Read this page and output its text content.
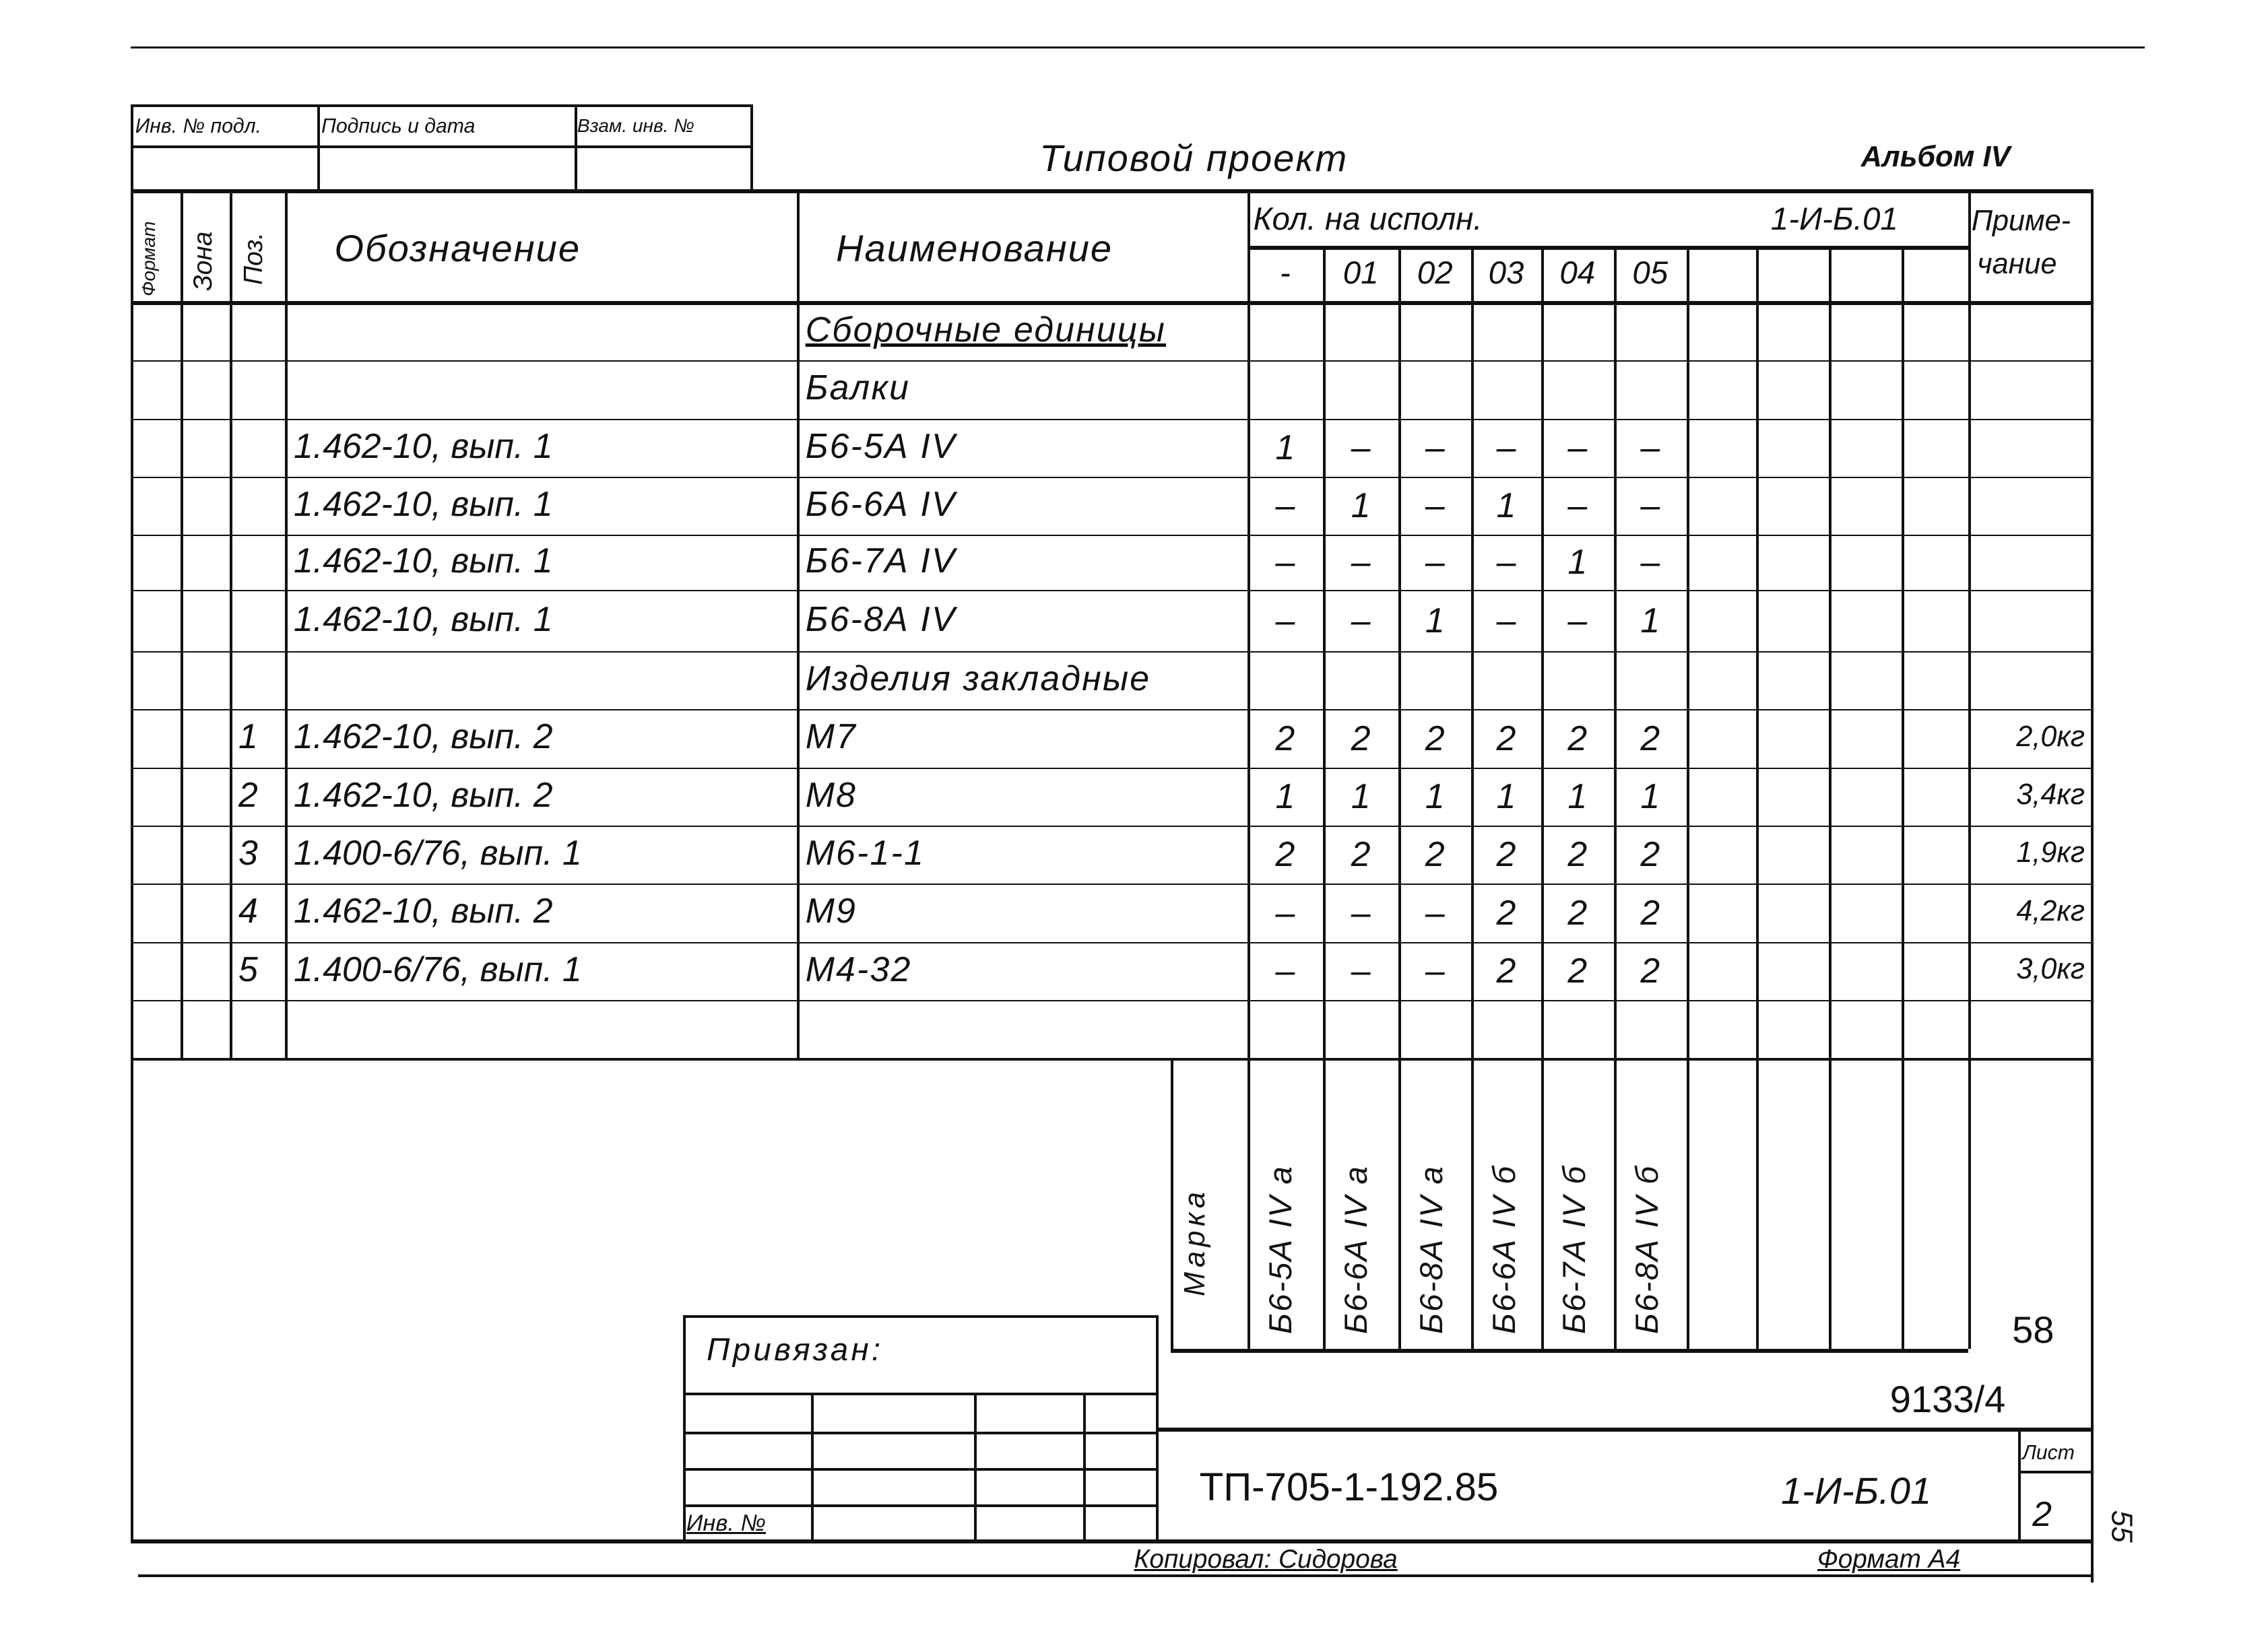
Инв. № подл.	Подпись и дата	Взам. инв. №
Типовой проект	Альбом IV
Формат Зона Поз. Обозначение	Наименование
Кол. на исполн.	1-И-Б.01	Приме-
чание
Сборочные единицы
Балки
1.462-10, вып. 1	Б6-5А IV	1	–	–	–	–	–
1.462-10, вып. 1	Б6-6А IV	–	1	–	1	–	–
1.462-10, вып. 1	Б6-7А IV	–	–	–	–	1	–
1.462-10, вып. 1	Б6-8А IV	–	–	1	–	–	1
Изделия закладные
1 1.462-10, вып. 2	М7	2	2	2	2	2	2	2,0кг
2 1.462-10, вып. 2	М8	1	1	1	1	1	1	3,4кг
3 1.400-6/76, вып. 1	М6-1-1	2	2	2	2	2	2	1,9кг
4 1.462-10, вып. 2	М9	–	–	–	2	2	2	4,2кг
5 1.400-6/76, вып. 1	М4-32	–	–	–	2	2	2	3,0кг
-	01	02	03	04	05
Б6-5А IV а Б6-6А IV а Б6-8А IV а Б6-6А IV б Б6-7А IV б Б6-8А IV б
Марка
Привязан:
Инв. №
58
9133/4
ТП-705-1-192.85	1-И-Б.01
Лист
2
Копировал: Сидорова	Формат А4
55
